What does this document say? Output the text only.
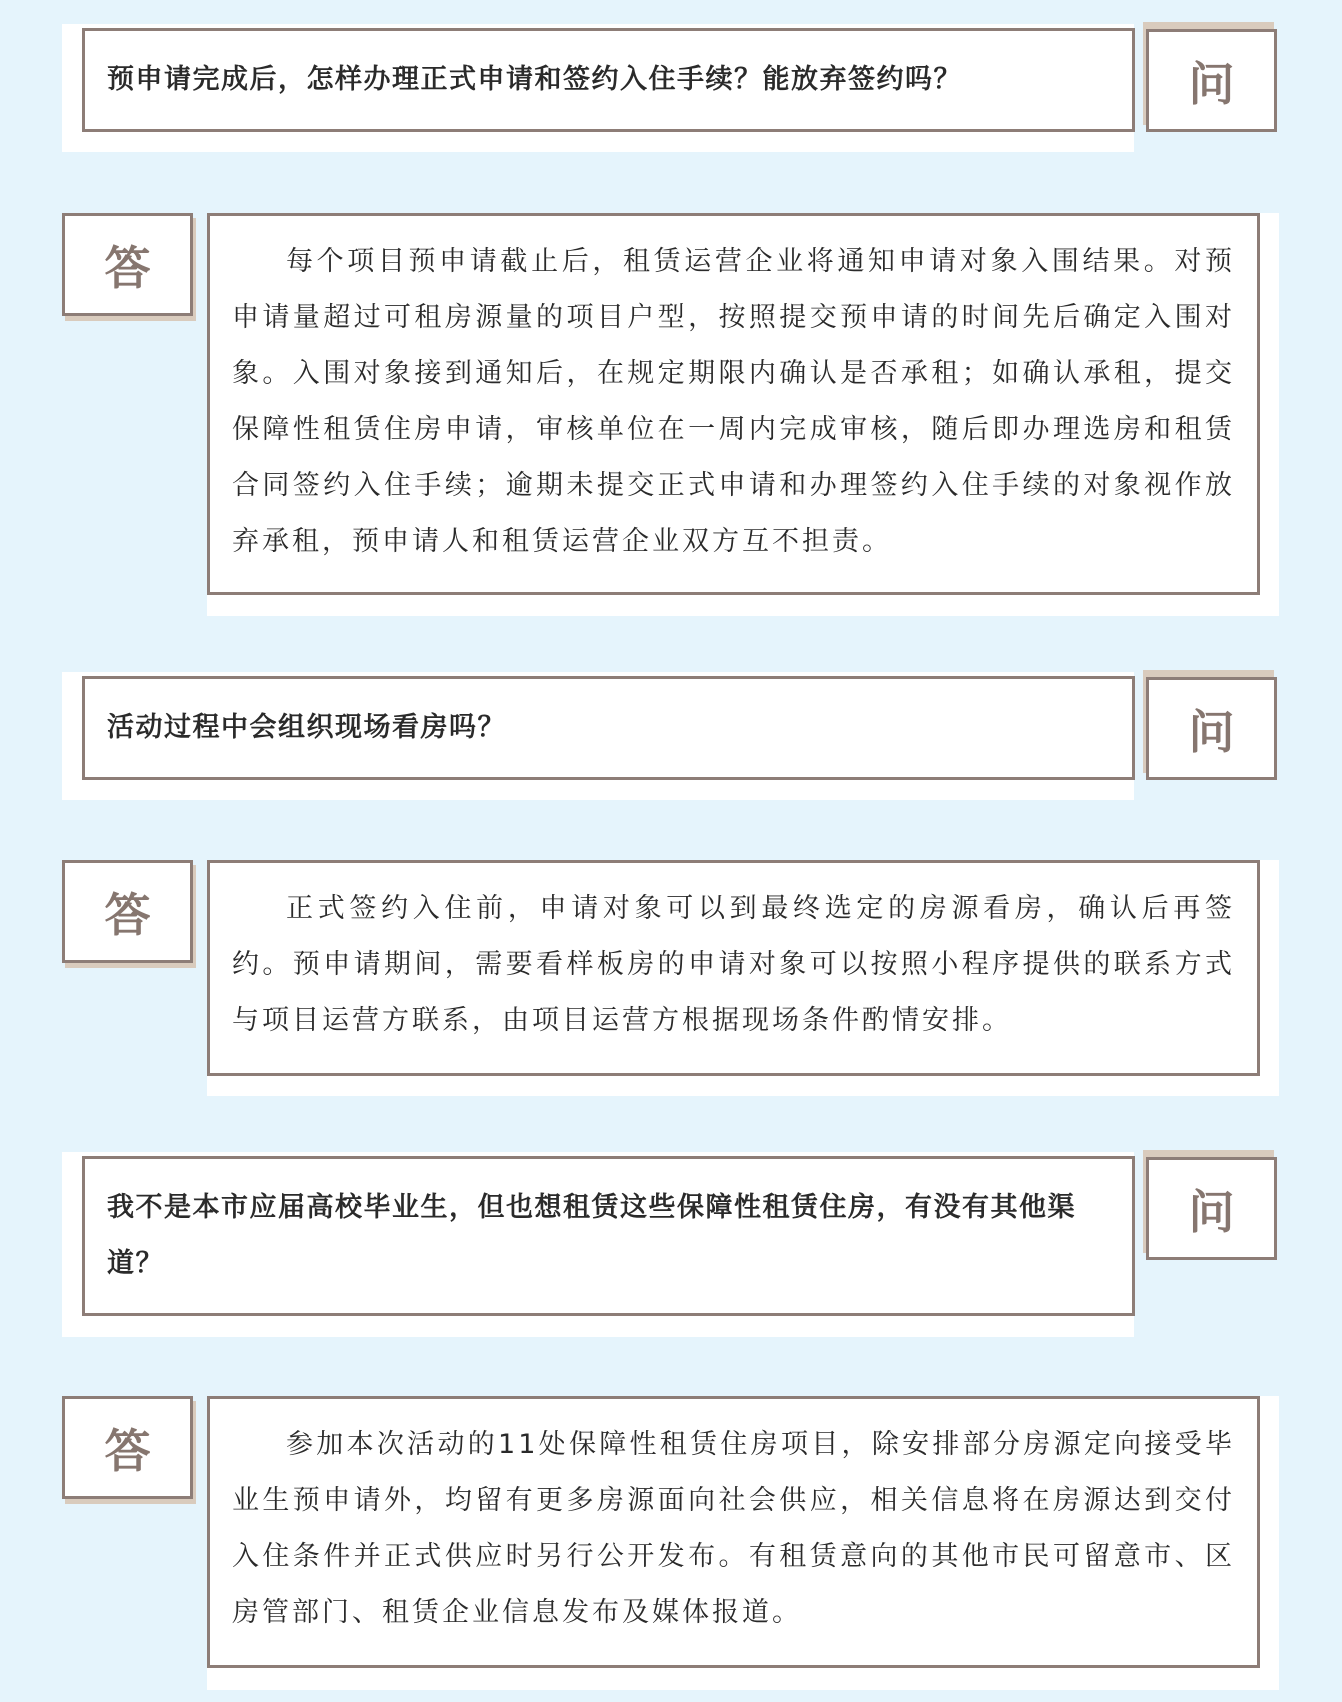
预申请完成后，怎样办理正式申请和签约入住手续？能放弃签约吗？	问
答	每个项目预申请截止后，租赁运营企业将通知申请对象入围结果。对预申请量超过可租房源量的项目户型，按照提交预申请的时间先后确定入围对象。入围对象接到通知后，在规定期限内确认是否承租；如确认承租，提交保障性租赁住房申请，审核单位在一周内完成审核，随后即办理选房和租赁合同签约入住手续；逾期未提交正式申请和办理签约入住手续的对象视作放弃承租，预申请人和租赁运营企业双方互不担责。

活动过程中会组织现场看房吗？	问
答	正式签约入住前，申请对象可以到最终选定的房源看房，确认后再签约。预申请期间，需要看样板房的申请对象可以按照小程序提供的联系方式与项目运营方联系，由项目运营方根据现场条件酌情安排。

我不是本市应届高校毕业生，但也想租赁这些保障性租赁住房，有没有其他渠道？
问
答	参加本次活动的11处保障性租赁住房项目，除安排部分房源定向接受毕业生预申请外，均留有更多房源面向社会供应，相关信息将在房源达到交付入住条件并正式供应时另行公开发布。有租赁意向的其他市民可留意市、区房管部门、租赁企业信息发布及媒体报道。
